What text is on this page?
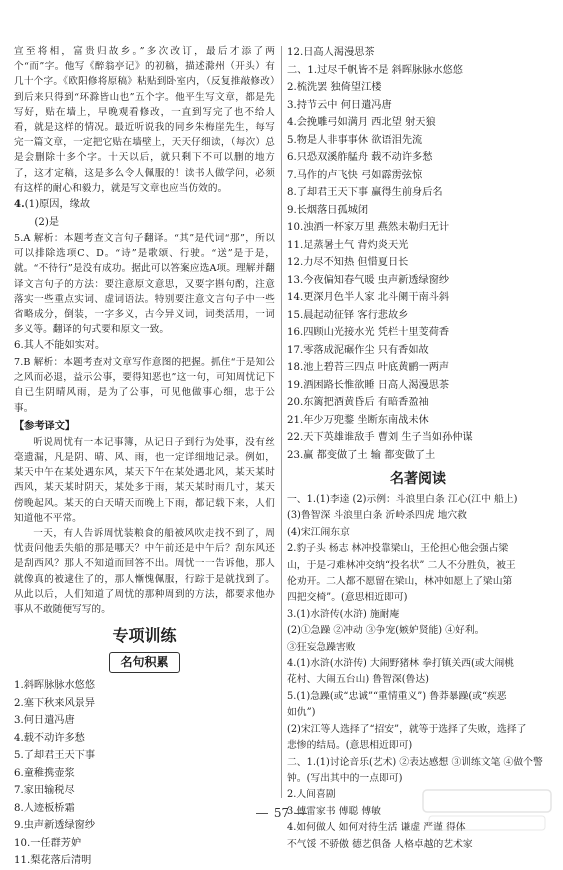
宣至将相，富贵归故乡。”多次改订，最后才添了两个“而”字。他写《醉翁亭记》的初稿，描述滁州（开头）有几十个字。《欧阳修将原稿》粘贴到卧室内，（反复推敲修改）到后来只得到“环滁皆山也”五个字。他平生写文章，都是先写好，贴在墙上，早晚观看修改，一直到写完了也不给人看，就是这样的情况。最近听说我的同乡朱梅崖先生，每写完一篇文章，一定把它贴在墙壁上，天天仔细读，（每次）总是会删除十多个字。十天以后，就只剩下不可以删的地方了，这才定稿，这是多么令人佩服的！读书人做学问，必须有这样的耐心和毅力，就是写文章也应当仿效的。

4.(1)原因，缘故

(2)是

5.A 解析：本题考查文言句子翻译。“其”是代词“那”，所以可以排除选项C、D。“诗”是歌颂、行驶。“送”是于是，就。“不待行”是没有成功。据此可以答案应选A项。理解并翻译文言句子的方法：要注意原文意思，又要字斟句酌，注意落实一些重点实词、虚词语法。特别要注意文言句子中一些省略成分，倒装，一字多义，古今异义词，词类活用，一词多义等。翻译的句式要和原文一致。

6.其人不能如实对。

7.B 解析：本题考查对文章写作意图的把握。抓住“于是知公之风而必退，益示公事，要得知恶也”这一句，可知周忧记下自已生阴晴风雨，是为了公事，可见他做事心细，忠于公事。

【参考译文】

听说周忧有一本记事簿，从记日子到行为处事，没有丝毫遗漏，凡是阴、晴、风、雨，也一定详细地记录。例如，某天中午在某处遇东风，某天下午在某处遇北风，某天某时西风，某天某时阴天，某处多于雨，某天某时雨几寸，某天傍晚起风。某天的白天晴天而晚上下雨，都记载下来，人们知道他不平常。

一天，有人告诉周忧装粮食的船被风吹走找不到了，周忧责问他丢失船的那是哪天？中午前还是中午后？刮东风还是刮西风？那人不知道而回答不出。周忧一一告诉他，那人就像真的被逮住了的，那人慚愧佩服，行踪于是就找到了。从此以后，人们知道了周忧的那种周到的方法，都要求他办事从不敢随便写写的。

专项训练
名句积累

1.斜晖脉脉水悠悠

2.塞下秋来风景异

3.何日遣冯唐

4.载不动许多愁

5.了却君王天下事

6.童稚携壶浆

7.家田输税尽

8.人迹板桥霜

9.虫声新透绿窗纱

10.一任群芳妒

11.梨花落后清明

12.日高人渴漫思茶

二、1.过尽千帆皆不是 斜晖脉脉水悠悠

2.梳洗罢 独倚望江楼

3.持节云中 何日遣冯唐

4.会挽雕弓如满月 西北望 射天狼

5.物是人非事事休 欲语泪先流

6.只恐双溪舴艋舟 载不动许多愁

7.马作的卢飞快 弓如霹雳弦惊

8.了却君王天下事 赢得生前身后名

9.长烟落日孤城闭

10.浊酒一杯家万里 燕然未勒归无计

11.足蒸暑土气 背灼炎天光

12.力尽不知热 但惜夏日长

13.今夜偏知春气暖 虫声新透绿窗纱

14.更深月色半人家 北斗阑干南斗斜

15.晨起动征铎 客行悲故乡

16.四顾山光接水光 凭栏十里芰荷香

17.零落成泥碾作尘 只有香如故

18.池上碧苔三四点 叶底黄鹂一两声

19.酒困路长惟欲睡 日高人渴漫思茶

20.东篱把酒黄昏后 有暗香盈袖

21.年少万兜鍪 坐断东南战未休

22.天下英雄谁敌手 曹刘 生子当如孙仲谋

23.赢 都变做了土 输 都变做了土

名著阅读

一、1.(1)李逵 (2)示例：斗浪里白条 江心(江中 船上)

(3)鲁智深 斗浪里白条 沂岭杀四虎 地穴救

(4)宋江闹东京

2.豹子头 杨志 林冲投靠梁山，王伦担心他会强占梁

山，于是刁难林冲交纳“投名状” 二人不分胜负，被王

伦劝开。二人都不愿留在梁山，林冲如愿上了梁山第

四把交椅”。(意思相近即可)

3.(1)水浒传(水浒) 施耐庵

(2)①急躁 ②冲动 ③争宠(嫉妒贤能) ④好利。

③狂妄急躁害败

4.(1)水浒(水浒传) 大闹野猪林 拳打镇关西(或大闹桃

花村、大闹五台山) 鲁智深(鲁达)

5.(1)急躁(或“忠诚”“重情重义”) 鲁莽暴躁(或“疾恶

如仇”)

(2)宋江等人选择了“招安”，就等于选择了失败，选择了

悲惨的结局。(意思相近即可)

二、1.(1)讨论音乐(艺术) ②表达感想 ③训练文笔 ④做个警

钟。(写出其中的一点即可)

2.人间喜剧

3.傅雷家书 傅聪 傅敏

4.如何做人 如何对待生活 谦虚 严谨 得体

不气馁 不骄傲 德艺俱备 人格卓越的艺术家

57
